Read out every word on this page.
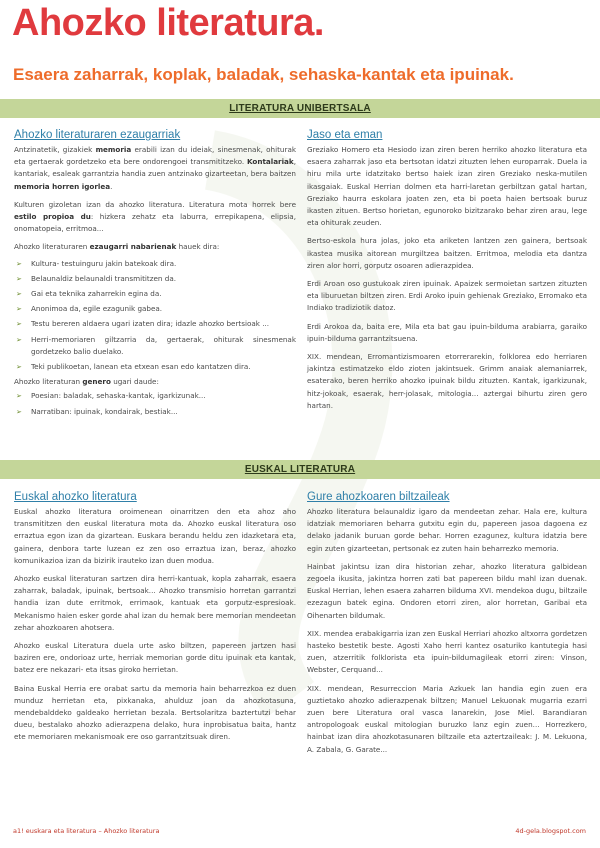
Ahozko literatura.
Esaera zaharrak, koplak, baladak, sehaska-kantak eta ipuinak.
LITERATURA UNIBERTSALA
Ahozko literaturaren ezaugarriak

Antzinatetik, gizakiek memoria erabili izan du ideiak, sinesmenak, ohiturak eta gertaerak gordetzeko eta bere ondorengoei transmititzeko. Kontalariak, kantariak, esaleak garrantzia handia zuen antzinako gizarteetan, bera baitzen memoria horren igorlea.

Kulturen gizoletan izan da ahozko literatura. Literatura mota horrek bere estilo propioa du: hizkera zehatz eta laburra, errepikapena, elipsia, onomatopeia, erritmoa...

Ahozko literaturaren ezaugarri nabarienak hauek dira:

➢ Kultura- testuinguru jakin batekoak dira.
➢ Belaunaldiz belaunaldi transmititzen da.
➢ Gai eta teknika zaharrekin egina da.
➢ Anonimoa da, egile ezagunik gabea.
➢ Testu bereren aldaera ugari izaten dira; idazle ahozko bertsioak ...
➢ Herri-memoriaren giltzarria da, gertaerak, ohiturak sinesmenak gordetzeko balio duelako.
➢ Teki publikoetan, lanean eta etxean esan edo kantatzen dira.

Ahozko literaturan genero ugari daude:

➢ Poesian: baladak, sehaska-kantak, igarkizunak...
➢ Narratiban: ipuinak, kondairak, bestiak...
Jaso eta eman

Greziako Homero eta Hesiodo izan ziren beren herriko ahozko literatura eta esaera zaharrak jaso eta bertsotan idatzi zituzten lehen europarrak. Duela ia hiru mila urte idatzitako bertso haiek izan ziren Greziako neska-mutilen ikasgaiak. Euskal Herrian dolmen eta harri-laretan gerbiltzan gatal hartan, Greziako haurra eskolara joaten zen, eta bi poeta haien bertsoak buruz ikasten zituen. Bertso horietan, egunoroko bizitzarako behar ziren arau, lege eta ohiturak zeuden.

Bertso-eskola hura jolas, joko eta ariketen lantzen zen gainera, bertsoak ikastea musika aitorean murgiltzea baitzen. Erritmoa, melodia eta dantza ziren alor horri, gorputz osoaren adierazpidea.

Erdi Aroan oso gustukoak ziren ipuinak. Apaizek sermoietan sartzen zituzten eta liburuetan biltzen ziren. Erdi Aroko ipuin gehienak Greziako, Erromako eta Indiako tradiziotik datoz.

Erdi Arokoa da, baita ere, Mila eta bat gau ipuin-bilduma arabiarra, garaiko ipuin-bilduma garrantzitsuena.

XIX. mendean, Erromantizismoaren etorrerarekin, folklorea edo herriaren jakintza estimatzeko eldo zioten jakintsuek. Grimm anaiak alemaniarrek, esaterako, beren herriko ahozko ipuinak bildu zituzten. Kantak, igarkizunak, hitz-jokoak, esaerak, herr-jolasak, mitologia... aztergai bihurtu ziren gero hartan.

EUSKAL LITERATURA
Euskal ahozko literatura

Euskal ahozko literatura oroimenean oinarritzen den eta ahoz aho transmititzen den euskal literatura mota da. Ahozko euskal literatura oso erraztua egon izan da gizartean. Euskara berandu heldu zen idazketara eta, gainera, denbora tarte luzean ez zen oso erraztua izan, beraz, ahozko komunikazioa izan da bizirik irauteko izan duen modua.

Ahozko euskal literaturan sartzen dira herri-kantuak, kopla zaharrak, esaera zaharrak, baladak, ipuinak, bertsoak... Ahozko transmisio horretan garrantzi handia izan dute erritmok, errimaok, kantuak eta gorputz-espresioak. Mekanismo haien esker gorde ahal izan du hemak bere memorian mendeetan zehar ahozkoaren ahotsera.

Ahozko euskal Literatura duela urte asko biltzen, papereen jartzen hasi baziren ere, ondorioaz urte, herriak memorian gorde ditu ipuinak eta kantak, batez ere nekazari- eta itsas giroko herrietan.

Baina Euskal Herria ere orabat sartu da memoria hain beharrezkoa ez duen munduz herrietan eta, pixkanaka, ahulduz joan da ahozkotasuna, mendebalddeko galdeako herrietan bezala. Bertsolaritza baztertutzi behar dueu, bestalako ahozko adierazpena delako, hura inprobisatua baita, hantz ete memoriaren mekanismoak ere oso garrantzitsuak diren.

Gure ahozkoaren biltzaileak

Ahozko literatura belaunaldiz igaro da mendeetan zehar. Hala ere, kultura idatziak memoriaren beharra gutxitu egin du, papereen jasoa dagoena ez delako jadanik buruan gorde behar. Horren ezagunez, kultura idatzia bere egin zuten gizarteetan, pertsonak ez zuten hain beharrezko memoria.

Hainbat jakintsu izan dira historian zehar, ahozko literatura galbidean zegoela ikusita, jakintza horren zati bat papereen bildu mahl izan duenak. Euskal Herrian, lehen esaera zaharren bilduma XVI. mendekoa dugu, biltzaile ezezagun batek egina. Ondoren etorri ziren, alor horretan, Garibai eta Oihenarten bildumak.

XIX. mendea erabakigarria izan zen Euskal Herriari ahozko altxorra gordetzen hasteko bestetik beste. Agosti Xaho herri kantez osaturiko kantutegia hasi zuen, atzerritik folklorista eta ipuin-bildumagileak etorri ziren: Vinson, Webster, Cerquand...

XIX. mendean, Resurreccion Maria Azkuek lan handia egin zuen era guztietako ahozko adierazpenak biltzen; Manuel Lekuonak mugarria ezarri zuen bere Literatura oral vasca lanarekin, Jose Miel. Barandiaran antropologoak euskal mitologian buruzko lanz egin zuen... Horrezkero, hainbat izan dira ahozkotasunaren biltzaile eta aztertzaileak: J. M. Lekuona, A. Zabala, G. Garate...

a1! euskara eta literatura – Ahozko literatura	4d-gela.blogspot.com
